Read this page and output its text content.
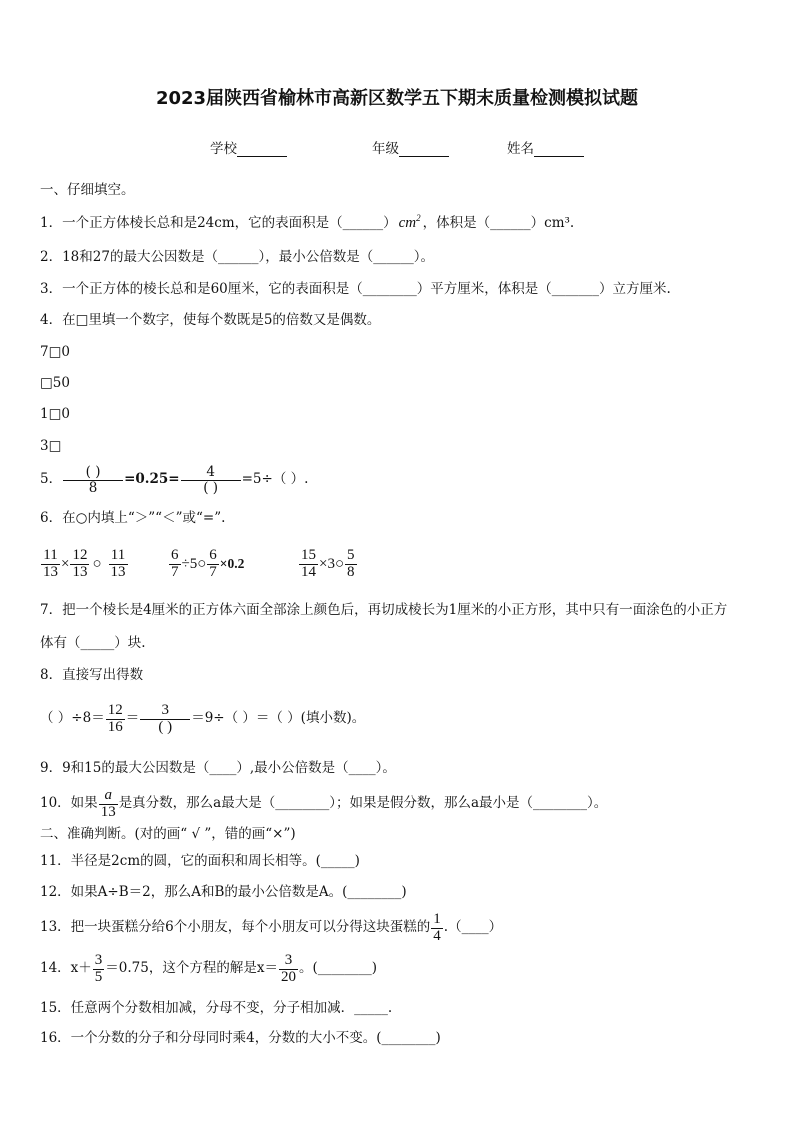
2023届陕西省榆林市高新区数学五下期末质量检测模拟试题
学校	年级	姓名
一、仔细填空。
1．一个正方体棱长总和是24cm，它的表面积是（______） $cm^2$ ，体积是（______）cm³.
2．18和27的最大公因数是（______），最小公倍数是（______）。
3．一个正方体的棱长总和是60厘米，它的表面积是（________）平方厘米，体积是（_______）立方厘米.
4．在□里填一个数字，使每个数既是5的倍数又是偶数。
7□0
□50
1□0
3□
5．	( )
8
=0.25=	4
( )
=5÷（ ）.
6．在○内填上“＞”“＜”或“=”.
$\frac{11}{13} \times \frac{12}{13}$ ○
11
13	$\frac{6}{7}$ ÷5○ $\frac{6}{7} \times 0.2$	$\frac{15}{14}$ ×3○
5
8
7．把一个棱长是4厘米的正方体六面全部涂上颜色后，再切成棱长为1厘米的小正方形，其中只有一面涂色的小正方
体有（_____）块.
8．直接写出得数
（ ）÷8＝
12
16
＝
3
( )
＝9÷（ ）＝（ ）(填小数)。
9．9和15的最大公因数是（____）,最小公倍数是（____）。
10．如果
a
13
是真分数，那么a最大是（________）；如果是假分数，那么a最小是（________）。
二、准确判断。(对的画“ √ ”，错的画“×”)
11．半径是2cm的圆，它的面积和周长相等。(_____)
12．如果A÷B＝2，那么A和B的最小公倍数是A。(________)
13．把一块蛋糕分给6个小朋友，每个小朋友可以分得这块蛋糕的
1
4
.（____）
14．x＋
3
5
＝0.75，这个方程的解是x＝
3
20
。(________)
15．任意两个分数相加减，分母不变，分子相加减．_____.
16．一个分数的分子和分母同时乘4，分数的大小不变。(________)
